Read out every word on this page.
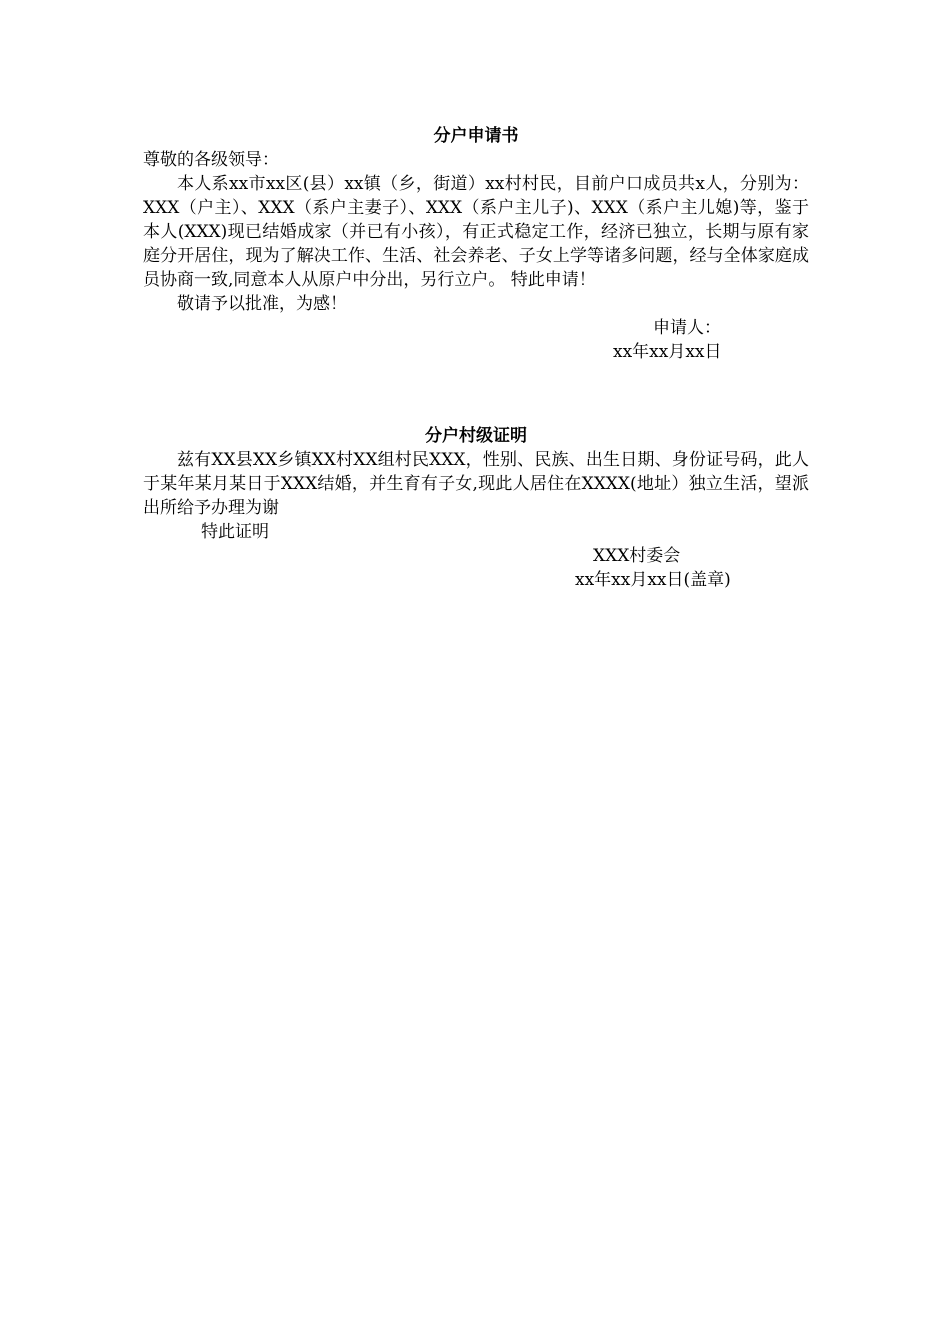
分户申请书

尊敬的各级领导：

本人系xx市xx区(县）xx镇（乡，街道）xx村村民，目前户口成员共x人，分别为：XXX（户主）、XXX（系户主妻子）、XXX（系户主儿子)、XXX（系户主儿媳)等，鉴于本人(XXX)现已结婚成家（并已有小孩），有正式稳定工作，经济已独立，长期与原有家庭分开居住，现为了解决工作、生活、社会养老、子女上学等诸多问题，经与全体家庭成员协商一致,同意本人从原户中分出，另行立户。 特此申请！

敬请予以批准，为感！

申请人：

xx年xx月xx日

分户村级证明

兹有XX县XX乡镇XX村XX组村民XXX，性别、民族、出生日期、身份证号码，此人于某年某月某日于XXX结婚，并生育有子女,现此人居住在XXXX(地址）独立生活，望派出所给予办理为谢

特此证明

XXX村委会

xx年xx月xx日(盖章)
